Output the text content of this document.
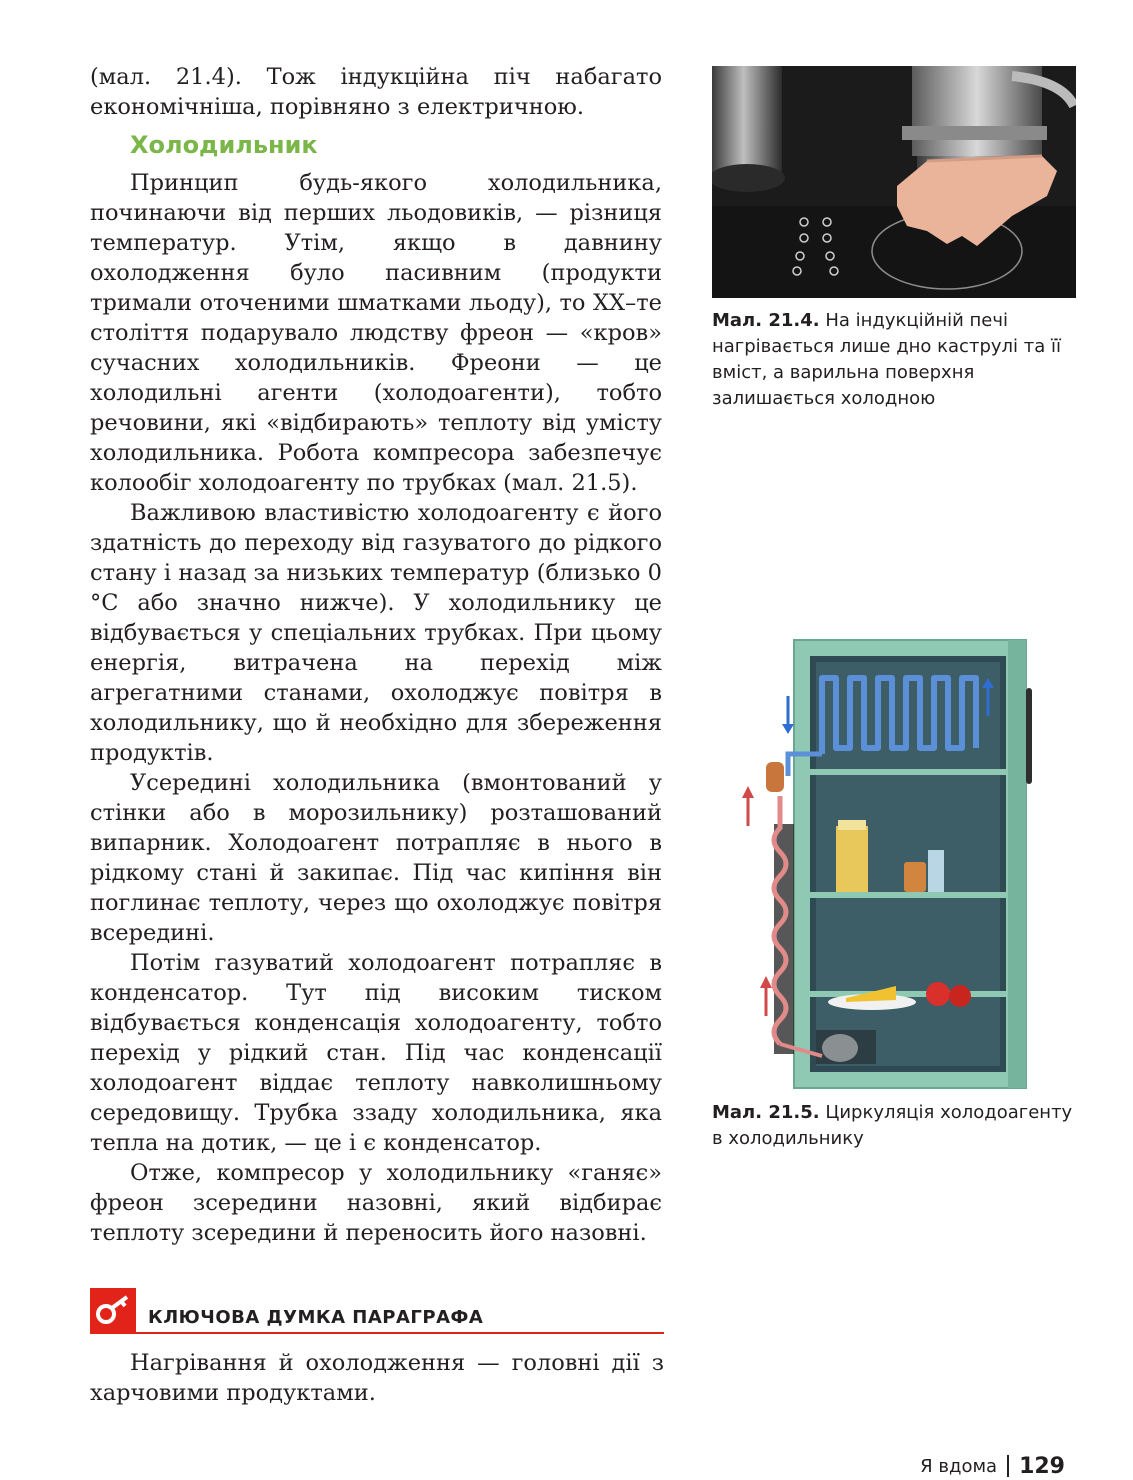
(мал. 21.4). Тож індукційна піч набагато економічніша, порівняно з електричною.

Холодильник

Принцип будь-якого холодильника, починаючи від перших льодовиків, — різниця температур. Утім, якщо в давнину охолодження було пасивним (продукти тримали оточеними шматками льоду), то ХХ–те століття подарувало людству фреон — «кров» сучасних холодильників. Фреони — це холодильні агенти (холодоагенти), тобто речовини, які «відбирають» теплоту від умісту холодильника. Робота компресора забезпечує колообіг холодоагенту по трубках (мал. 21.5).

Важливою властивістю холодоагенту є його здатність до переходу від газуватого до рідкого стану і назад за низьких температур (близько 0 °С або значно нижче). У холодильнику це відбувається у спеціальних трубках. При цьому енергія, витрачена на перехід між агрегатними станами, охолоджує повітря в холодильнику, що й необхідно для збереження продуктів.

Усередині холодильника (вмонтований у стінки або в морозильнику) розташований випарник. Холодоагент потрапляє в нього в рідкому стані й закипає. Під час кипіння він поглинає теплоту, через що охолоджує повітря всередині.

Потім газуватий холодоагент потрапляє в конденсатор. Тут під високим тиском відбувається конденсація холодоагенту, тобто перехід у рідкий стан. Під час конденсації холодоагент віддає теплоту навколишньому середовищу. Трубка ззаду холодильника, яка тепла на дотик, — це і є конденсатор.

Отже, компресор у холодильнику «ганяє» фреон зсередини назовні, який відбирає теплоту зсередини й переносить його назовні.

Мал. 21.4. На індукційній печі нагрівається лише дно каструлі та її вміст, а варильна поверхня залишається холодною
Мал. 21.5. Циркуляція холодоагенту в холодильнику
КЛЮЧОВА ДУМКА ПАРАГРАФА

Нагрівання й охолодження — головні дії з харчовими продуктами.

Я вдома 129
